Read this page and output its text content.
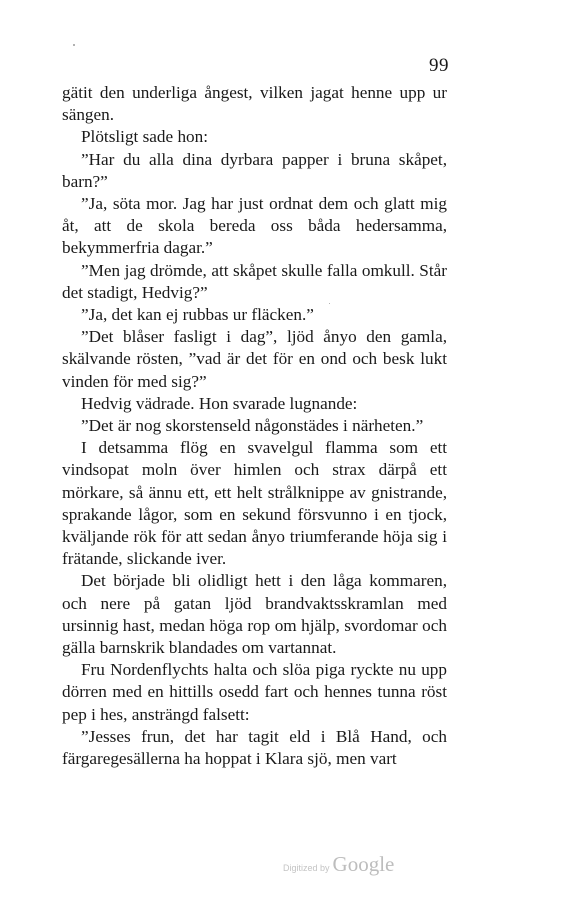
99

gätit den underliga ångest, vilken jagat henne upp ur sängen.

Plötsligt sade hon:

”Har du alla dina dyrbara papper i bruna skåpet, barn?”

”Ja, söta mor. Jag har just ordnat dem och glatt mig åt, att de skola bereda oss båda hedersamma, bekymmerfria dagar.”

”Men jag drömde, att skåpet skulle falla omkull. Står det stadigt, Hedvig?”

”Ja, det kan ej rubbas ur fläcken.”

”Det blåser fasligt i dag”, ljöd ånyo den gamla, skälvande rösten, ”vad är det för en ond och besk lukt vinden för med sig?”

Hedvig vädrade. Hon svarade lugnande:

”Det är nog skorstenseld någonstädes i närheten.”

I detsamma flög en svavelgul flamma som ett vindsopat moln över himlen och strax därpå ett mörkare, så ännu ett, ett helt strålknippe av gnistrande, sprakande lågor, som en sekund försvunno i en tjock, kväljande rök för att sedan ånyo triumferande höja sig i frätande, slickande iver.

Det började bli olidligt hett i den låga kommaren, och nere på gatan ljöd brandvaktsskramlan med ursinnig hast, medan höga rop om hjälp, svordomar och gälla barnskrik blandades om vartannat.

Fru Nordenflychts halta och slöa piga ryckte nu upp dörren med en hittills osedd fart och hennes tunna röst pep i hes, ansträngd falsett:

”Jesses frun, det har tagit eld i Blå Hand, och färgaregesällerna ha hoppat i Klara sjö, men vart

Digitized by Google
